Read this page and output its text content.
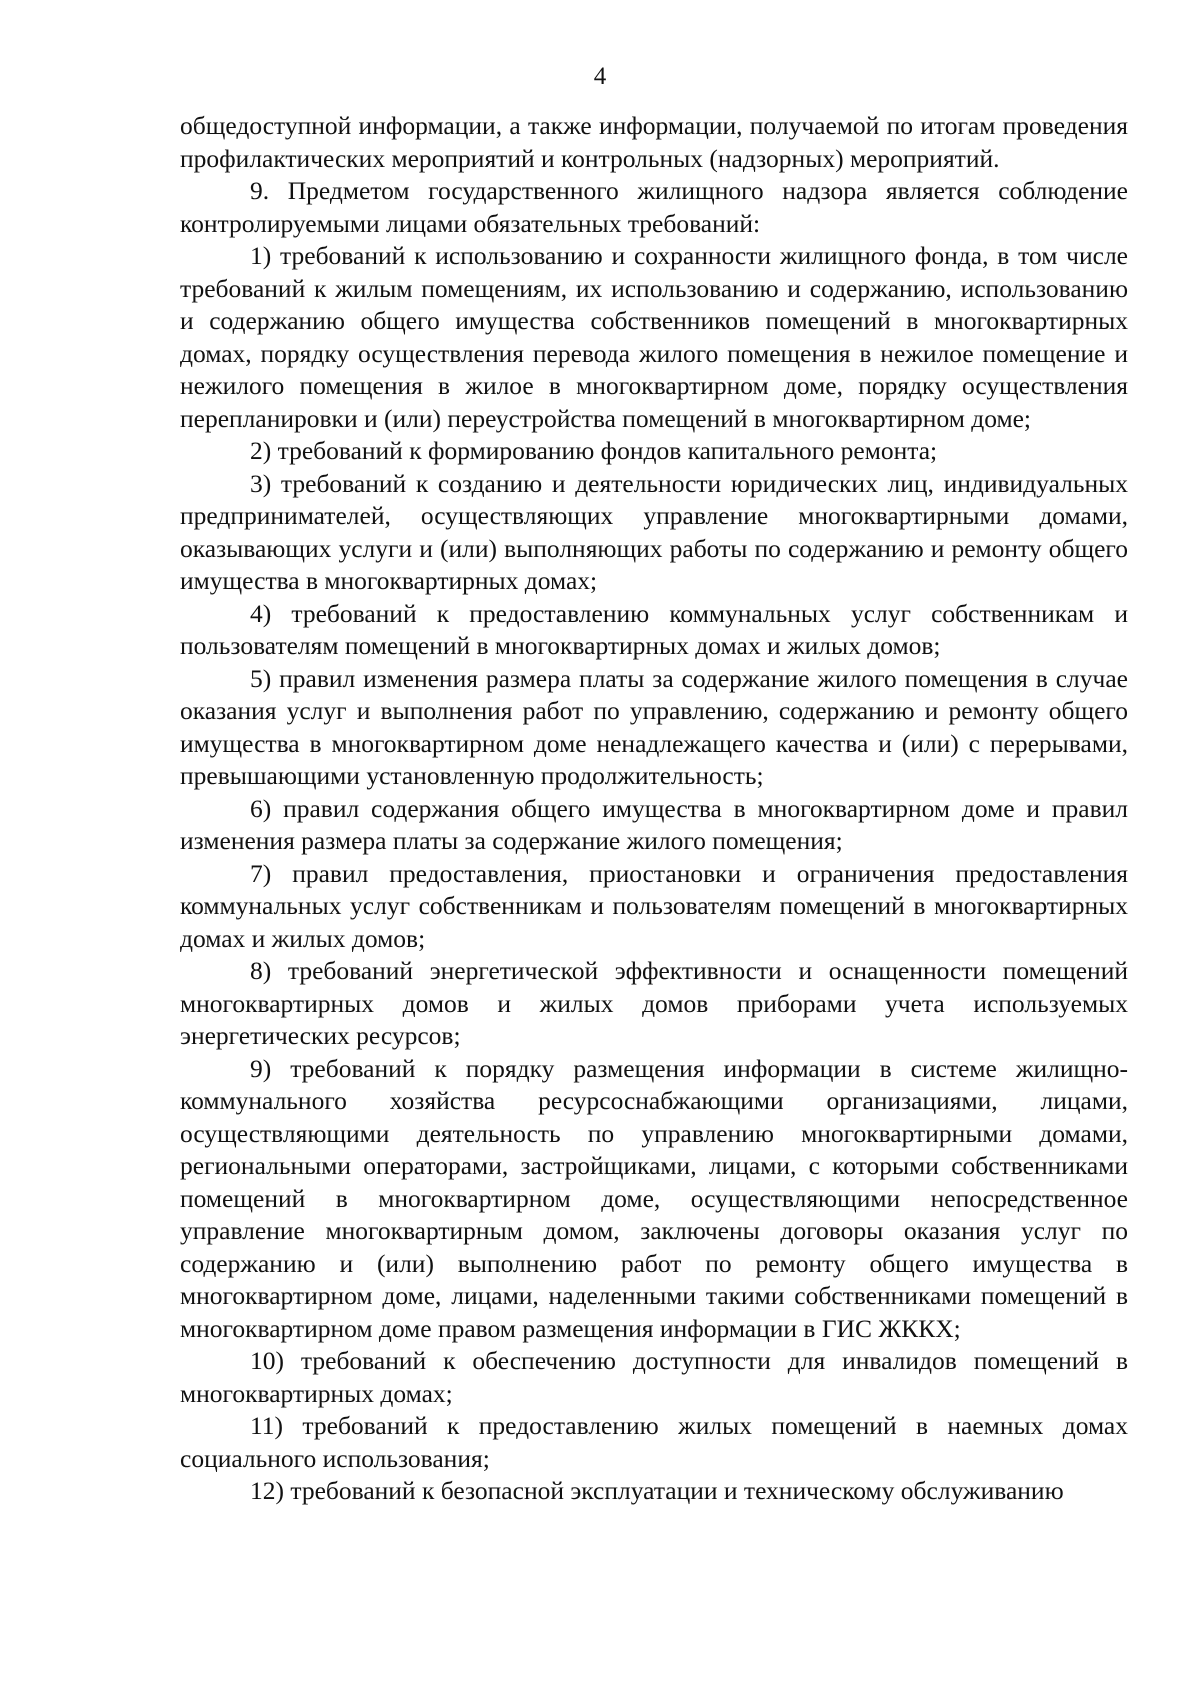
4

общедоступной информации, а также информации, получаемой по итогам проведения профилактических мероприятий и контрольных (надзорных) мероприятий.

9. Предметом государственного жилищного надзора является соблюдение контролируемыми лицами обязательных требований:

1) требований к использованию и сохранности жилищного фонда, в том числе требований к жилым помещениям, их использованию и содержанию, использованию и содержанию общего имущества собственников помещений в многоквартирных домах, порядку осуществления перевода жилого помещения в нежилое помещение и нежилого помещения в жилое в многоквартирном доме, порядку осуществления перепланировки и (или) переустройства помещений в многоквартирном доме;

2) требований к формированию фондов капитального ремонта;

3) требований к созданию и деятельности юридических лиц, индивидуальных предпринимателей, осуществляющих управление многоквартирными домами, оказывающих услуги и (или) выполняющих работы по содержанию и ремонту общего имущества в многоквартирных домах;

4) требований к предоставлению коммунальных услуг собственникам и пользователям помещений в многоквартирных домах и жилых домов;

5) правил изменения размера платы за содержание жилого помещения в случае оказания услуг и выполнения работ по управлению, содержанию и ремонту общего имущества в многоквартирном доме ненадлежащего качества и (или) с перерывами, превышающими установленную продолжительность;

6) правил содержания общего имущества в многоквартирном доме и правил изменения размера платы за содержание жилого помещения;

7) правил предоставления, приостановки и ограничения предоставления коммунальных услуг собственникам и пользователям помещений в многоквартирных домах и жилых домов;

8) требований энергетической эффективности и оснащенности помещений многоквартирных домов и жилых домов приборами учета используемых энергетических ресурсов;

9) требований к порядку размещения информации в системе жилищно-коммунального хозяйства ресурсоснабжающими организациями, лицами, осуществляющими деятельность по управлению многоквартирными домами, региональными операторами, застройщиками, лицами, с которыми собственниками помещений в многоквартирном доме, осуществляющими непосредственное управление многоквартирным домом, заключены договоры оказания услуг по содержанию и (или) выполнению работ по ремонту общего имущества в многоквартирном доме, лицами, наделенными такими собственниками помещений в многоквартирном доме правом размещения информации в ГИС ЖККХ;

10) требований к обеспечению доступности для инвалидов помещений в многоквартирных домах;

11) требований к предоставлению жилых помещений в наемных домах социального использования;

12) требований к безопасной эксплуатации и техническому обслуживанию
